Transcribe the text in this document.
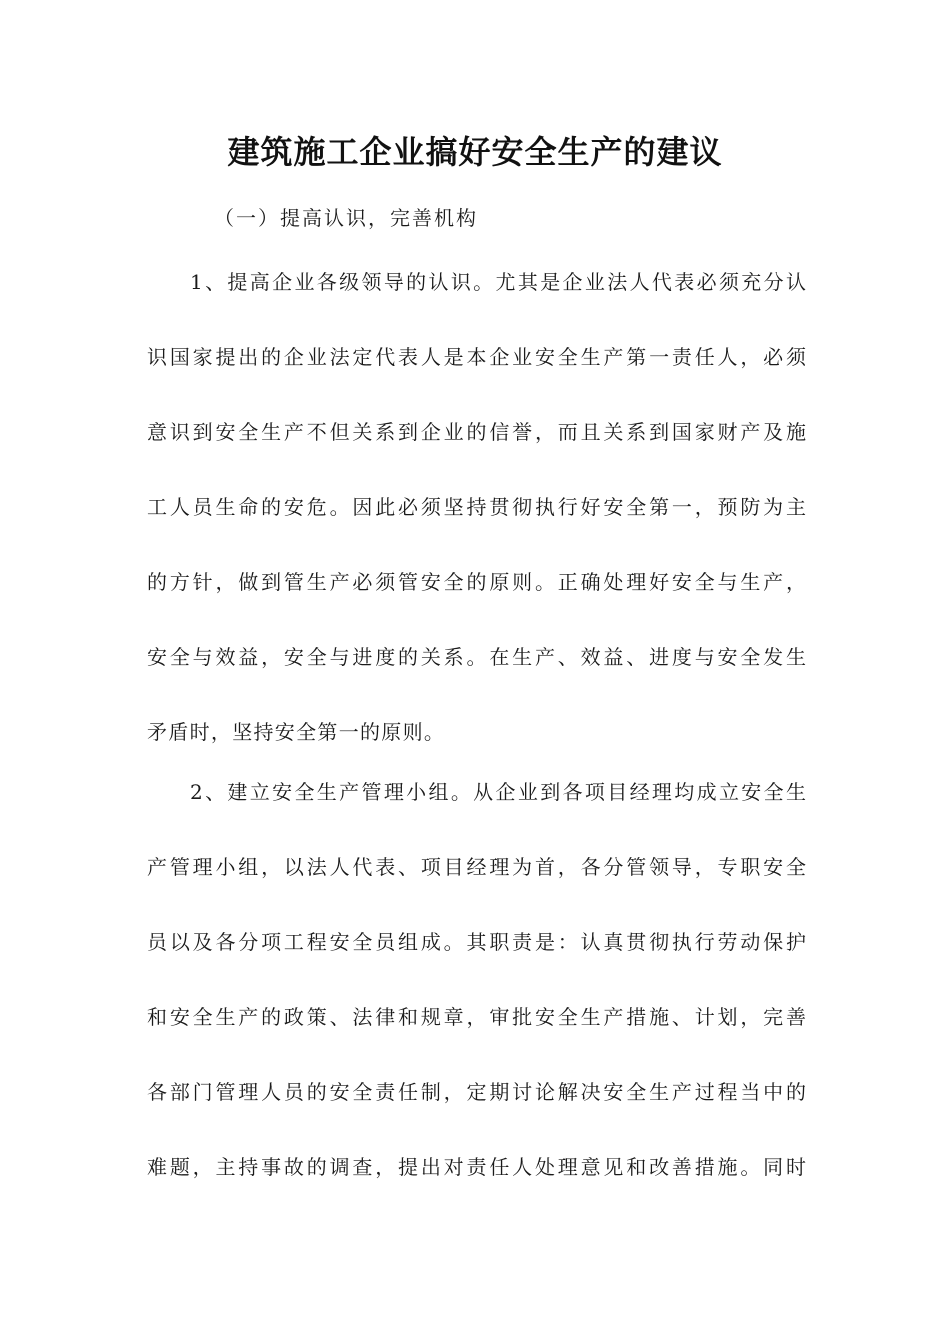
建筑施工企业搞好安全生产的建议
（一）提高认识，完善机构
1、提高企业各级领导的认识。尤其是企业法人代表必须充分认
识国家提出的企业法定代表人是本企业安全生产第一责任人，必须
意识到安全生产不但关系到企业的信誉，而且关系到国家财产及施
工人员生命的安危。因此必须坚持贯彻执行好安全第一，预防为主
的方针，做到管生产必须管安全的原则。正确处理好安全与生产，
安全与效益，安全与进度的关系。在生产、效益、进度与安全发生
矛盾时，坚持安全第一的原则。
2、建立安全生产管理小组。从企业到各项目经理均成立安全生
产管理小组，以法人代表、项目经理为首，各分管领导，专职安全
员以及各分项工程安全员组成。其职责是：认真贯彻执行劳动保护
和安全生产的政策、法律和规章，审批安全生产措施、计划，完善
各部门管理人员的安全责任制，定期讨论解决安全生产过程当中的
难题，主持事故的调查，提出对责任人处理意见和改善措施。同时
